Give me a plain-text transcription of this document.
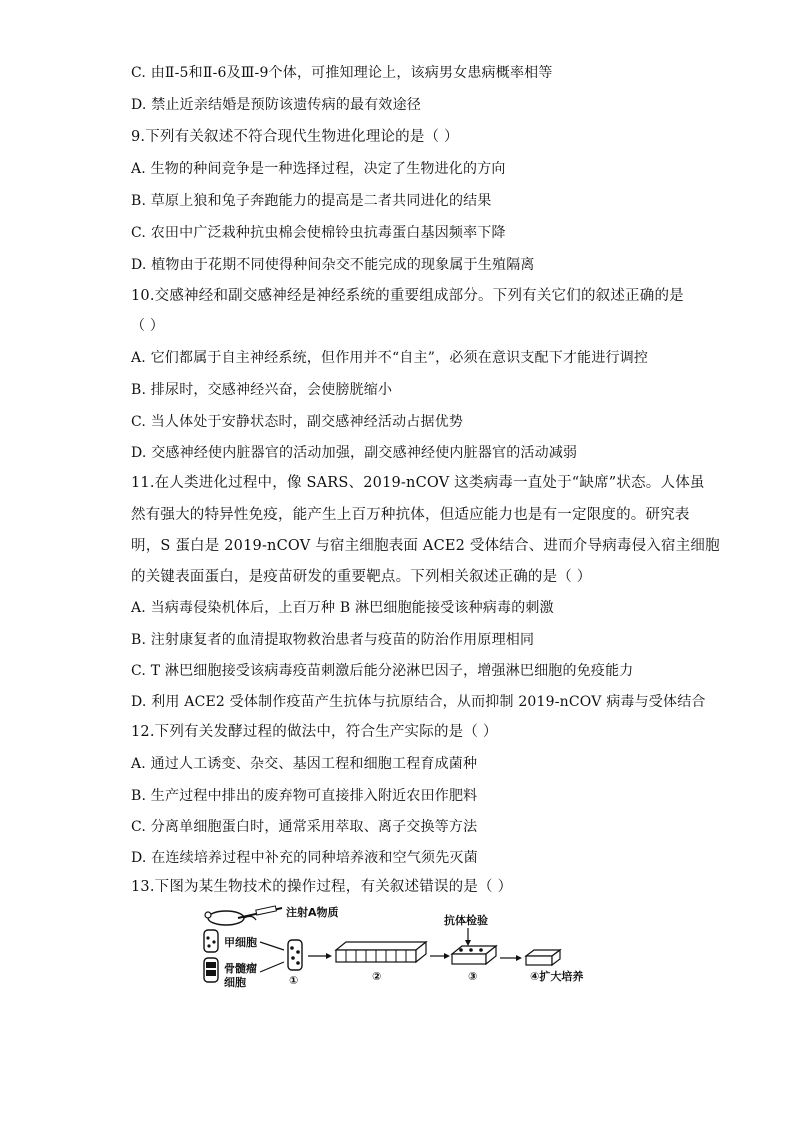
C. 由Ⅱ-5和Ⅱ-6及Ⅲ-9个体，可推知理论上，该病男女患病概率相等
D. 禁止近亲结婚是预防该遗传病的最有效途径
9.下列有关叙述不符合现代生物进化理论的是（ ）
A. 生物的种间竞争是一种选择过程，决定了生物进化的方向
B. 草原上狼和兔子奔跑能力的提高是二者共同进化的结果
C. 农田中广泛栽种抗虫棉会使棉铃虫抗毒蛋白基因频率下降
D. 植物由于花期不同使得种间杂交不能完成的现象属于生殖隔离
10.交感神经和副交感神经是神经系统的重要组成部分。下列有关它们的叙述正确的是
（ ）
A. 它们都属于自主神经系统，但作用并不“自主”，必须在意识支配下才能进行调控
B. 排尿时，交感神经兴奋，会使膀胱缩小
C. 当人体处于安静状态时，副交感神经活动占据优势
D. 交感神经使内脏器官的活动加强，副交感神经使内脏器官的活动减弱
11.在人类进化过程中，像 SARS、2019-nCOV 这类病毒一直处于“缺席”状态。人体虽
然有强大的特异性免疫，能产生上百万种抗体，但适应能力也是有一定限度的。研究表
明，S 蛋白是 2019-nCOV 与宿主细胞表面 ACE2 受体结合、进而介导病毒侵入宿主细胞
的关键表面蛋白，是疫苗研发的重要靶点。下列相关叙述正确的是（ ）
A. 当病毒侵染机体后，上百万种 B 淋巴细胞能接受该种病毒的刺激
B. 注射康复者的血清提取物救治患者与疫苗的防治作用原理相同
C. T 淋巴细胞接受该病毒疫苗刺激后能分泌淋巴因子，增强淋巴细胞的免疫能力
D. 利用 ACE2 受体制作疫苗产生抗体与抗原结合，从而抑制 2019-nCOV 病毒与受体结合
12.下列有关发酵过程的做法中，符合生产实际的是（ ）
A. 通过人工诱变、杂交、基因工程和细胞工程育成菌种
B. 生产过程中排出的废弃物可直接排入附近农田作肥料
C. 分离单细胞蛋白时，通常采用萃取、离子交换等方法
D. 在连续培养过程中补充的同种培养液和空气须先灭菌
13.下图为某生物技术的操作过程，有关叙述错误的是（ ）
注射A物质
甲细胞
骨髓瘤
细胞	①	②
抗体检验
③	④扩大培养
